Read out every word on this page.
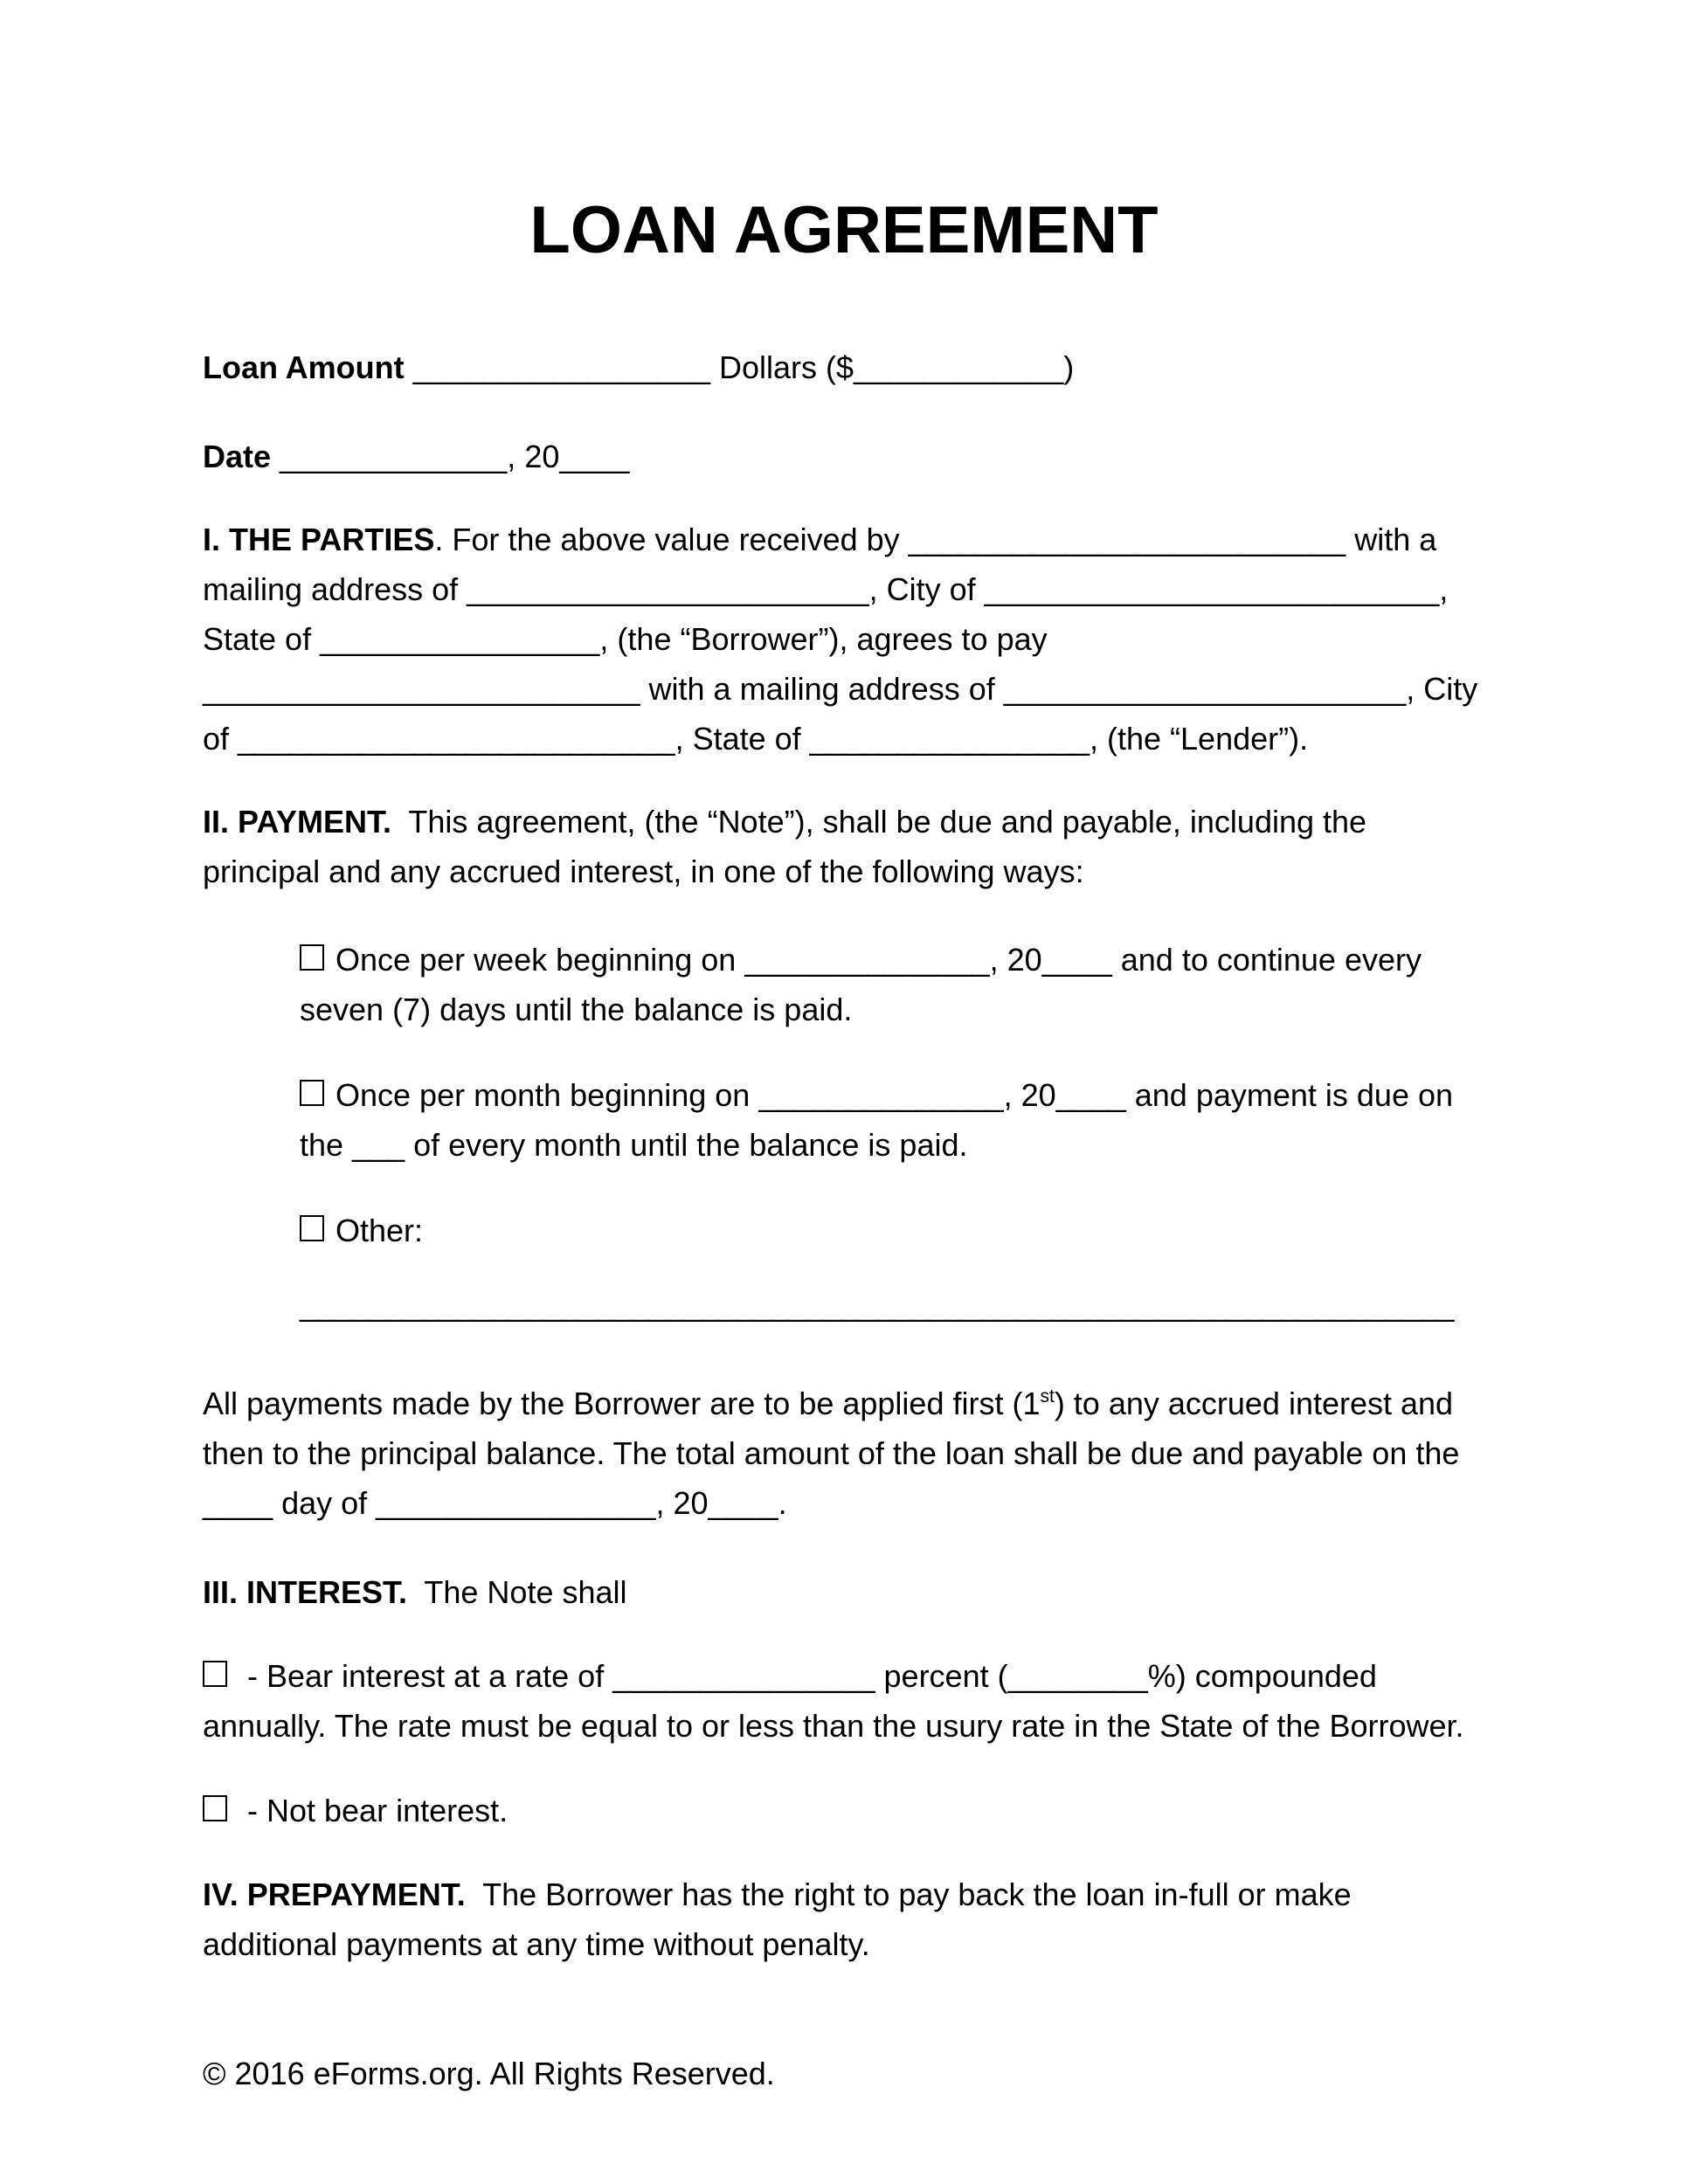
LOAN AGREEMENT
Loan Amount _________________ Dollars ($____________)
Date _____________, 20____
I. THE PARTIES. For the above value received by _________________________ with a
mailing address of _______________________, City of __________________________,
State of ________________, (the “Borrower”), agrees to pay
_________________________ with a mailing address of _______________________, City
of _________________________, State of ________________, (the “Lender”).
II. PAYMENT.  This agreement, (the “Note”), shall be due and payable, including the
principal and any accrued interest, in one of the following ways:
Once per week beginning on ______________, 20____ and to continue every
seven (7) days until the balance is paid.
Once per month beginning on ______________, 20____ and payment is due on
the ___ of every month until the balance is paid.
Other:
__________________________________________________________________
All payments made by the Borrower are to be applied first (1st) to any accrued interest and
then to the principal balance. The total amount of the loan shall be due and payable on the
____ day of ________________, 20____.
III. INTEREST.  The Note shall
- Bear interest at a rate of _______________ percent (________%) compounded
annually. The rate must be equal to or less than the usury rate in the State of the Borrower.
- Not bear interest.
IV. PREPAYMENT.  The Borrower has the right to pay back the loan in-full or make
additional payments at any time without penalty.
© 2016 eForms.org. All Rights Reserved.
